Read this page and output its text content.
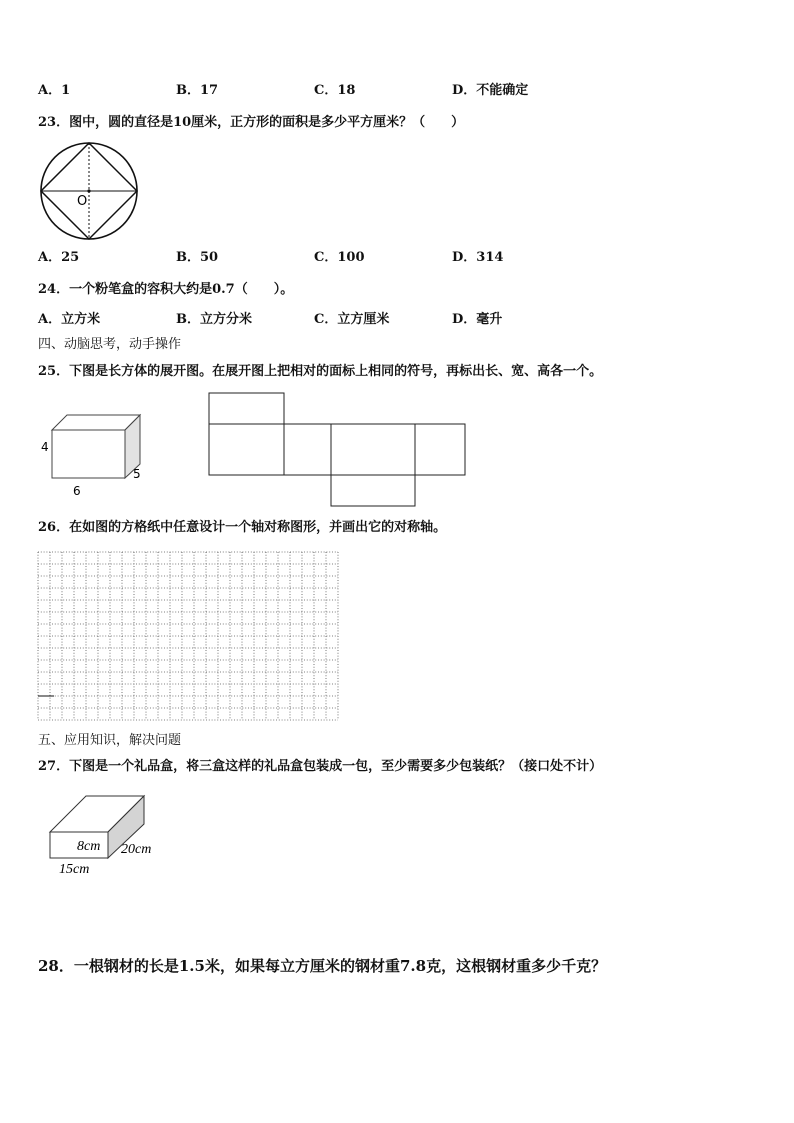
A．1	B．17	C．18	D．不能确定
23．图中，圆的直径是10厘米，正方形的面积是多少平方厘米？（　　）
O
A．25	B．50	C．100	D．314
24．一个粉笔盒的容积大约是0.7（　　）。
A．立方米	B．立方分米	C．立方厘米	D．毫升
四、动脑思考，动手操作
25．下图是长方体的展开图。在展开图上把相对的面标上相同的符号，再标出长、宽、高各一个。
4
5
6
26．在如图的方格纸中任意设计一个轴对称图形，并画出它的对称轴。
五、应用知识，解决问题
27．下图是一个礼品盒，将三盒这样的礼品盒包装成一包，至少需要多少包装纸？（接口处不计）
8cm 20cm
15cm
28．一根钢材的长是1.5米，如果每立方厘米的钢材重7.8克，这根钢材重多少千克？
